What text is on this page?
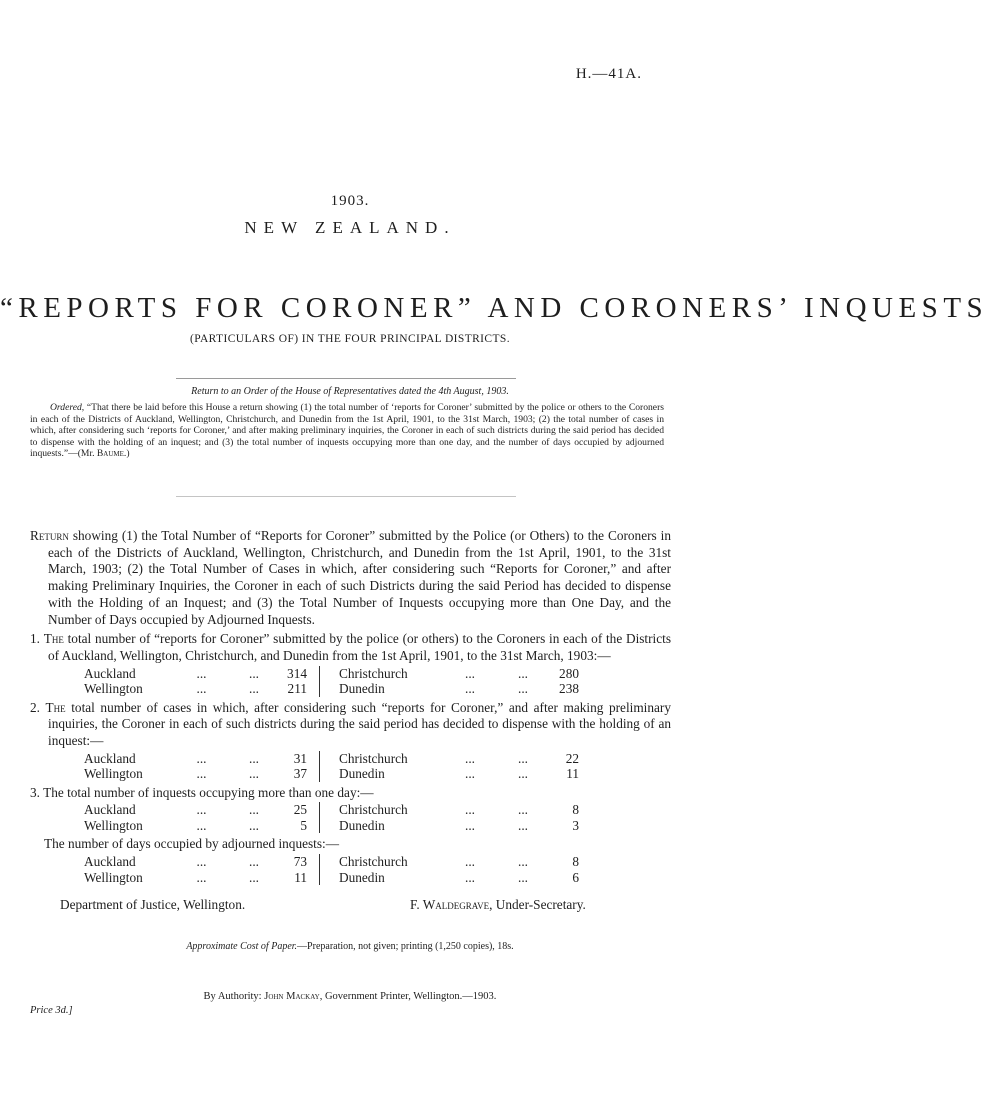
H.—41A.
1903.
NEW ZEALAND.
“REPORTS FOR CORONER” AND CORONERS’ INQUESTS
(PARTICULARS OF) IN THE FOUR PRINCIPAL DISTRICTS.
Return to an Order of the House of Representatives dated the 4th August, 1903.
Ordered, “That there be laid before this House a return showing (1) the total number of ‘reports for Coroner’ submitted by the police or others to the Coroners in each of the Districts of Auckland, Wellington, Christchurch, and Dunedin from the 1st April, 1901, to the 31st March, 1903; (2) the total number of cases in which, after considering such ‘reports for Coroner,’ and after making preliminary inquiries, the Coroner in each of such districts during the said period has decided to dispense with the holding of an inquest; and (3) the total number of inquests occupying more than one day, and the number of days occupied by adjourned inquests.”—(Mr. Baume.)
Return showing (1) the Total Number of “Reports for Coroner” submitted by the Police (or Others) to the Coroners in each of the Districts of Auckland, Wellington, Christchurch, and Dunedin from the 1st April, 1901, to the 31st March, 1903; (2) the Total Number of Cases in which, after considering such “Reports for Coroner,” and after making Preliminary Inquiries, the Coroner in each of such Districts during the said Period has decided to dispense with the Holding of an Inquest; and (3) the Total Number of Inquests occupying more than One Day, and the Number of Days occupied by Adjourned Inquests.
1. The total number of “reports for Coroner” submitted by the police (or others) to the Coroners in each of the Districts of Auckland, Wellington, Christchurch, and Dunedin from the 1st April, 1901, to the 31st March, 1903:—
Auckland	...	...	314		Christchurch	...	...	280
Wellington	...	...	211		Dunedin	...	...	238
2. The total number of cases in which, after considering such “reports for Coroner,” and after making preliminary inquiries, the Coroner in each of such districts during the said period has decided to dispense with the holding of an inquest:—
Auckland	...	...	31		Christchurch	...	...	22
Wellington	...	...	37		Dunedin	...	...	11
3. The total number of inquests occupying more than one day:—
Auckland	...	...	25		Christchurch	...	...	8
Wellington	...	...	5		Dunedin	...	...	3
The number of days occupied by adjourned inquests:—
Auckland	...	...	73		Christchurch	...	...	8
Wellington	...	...	11		Dunedin	...	...	6
Department of Justice, Wellington.	F. Waldegrave, Under-Secretary.
Approximate Cost of Paper.—Preparation, not given; printing (1,250 copies), 18s.
By Authority: John Mackay, Government Printer, Wellington.—1903.
Price 3d.]
